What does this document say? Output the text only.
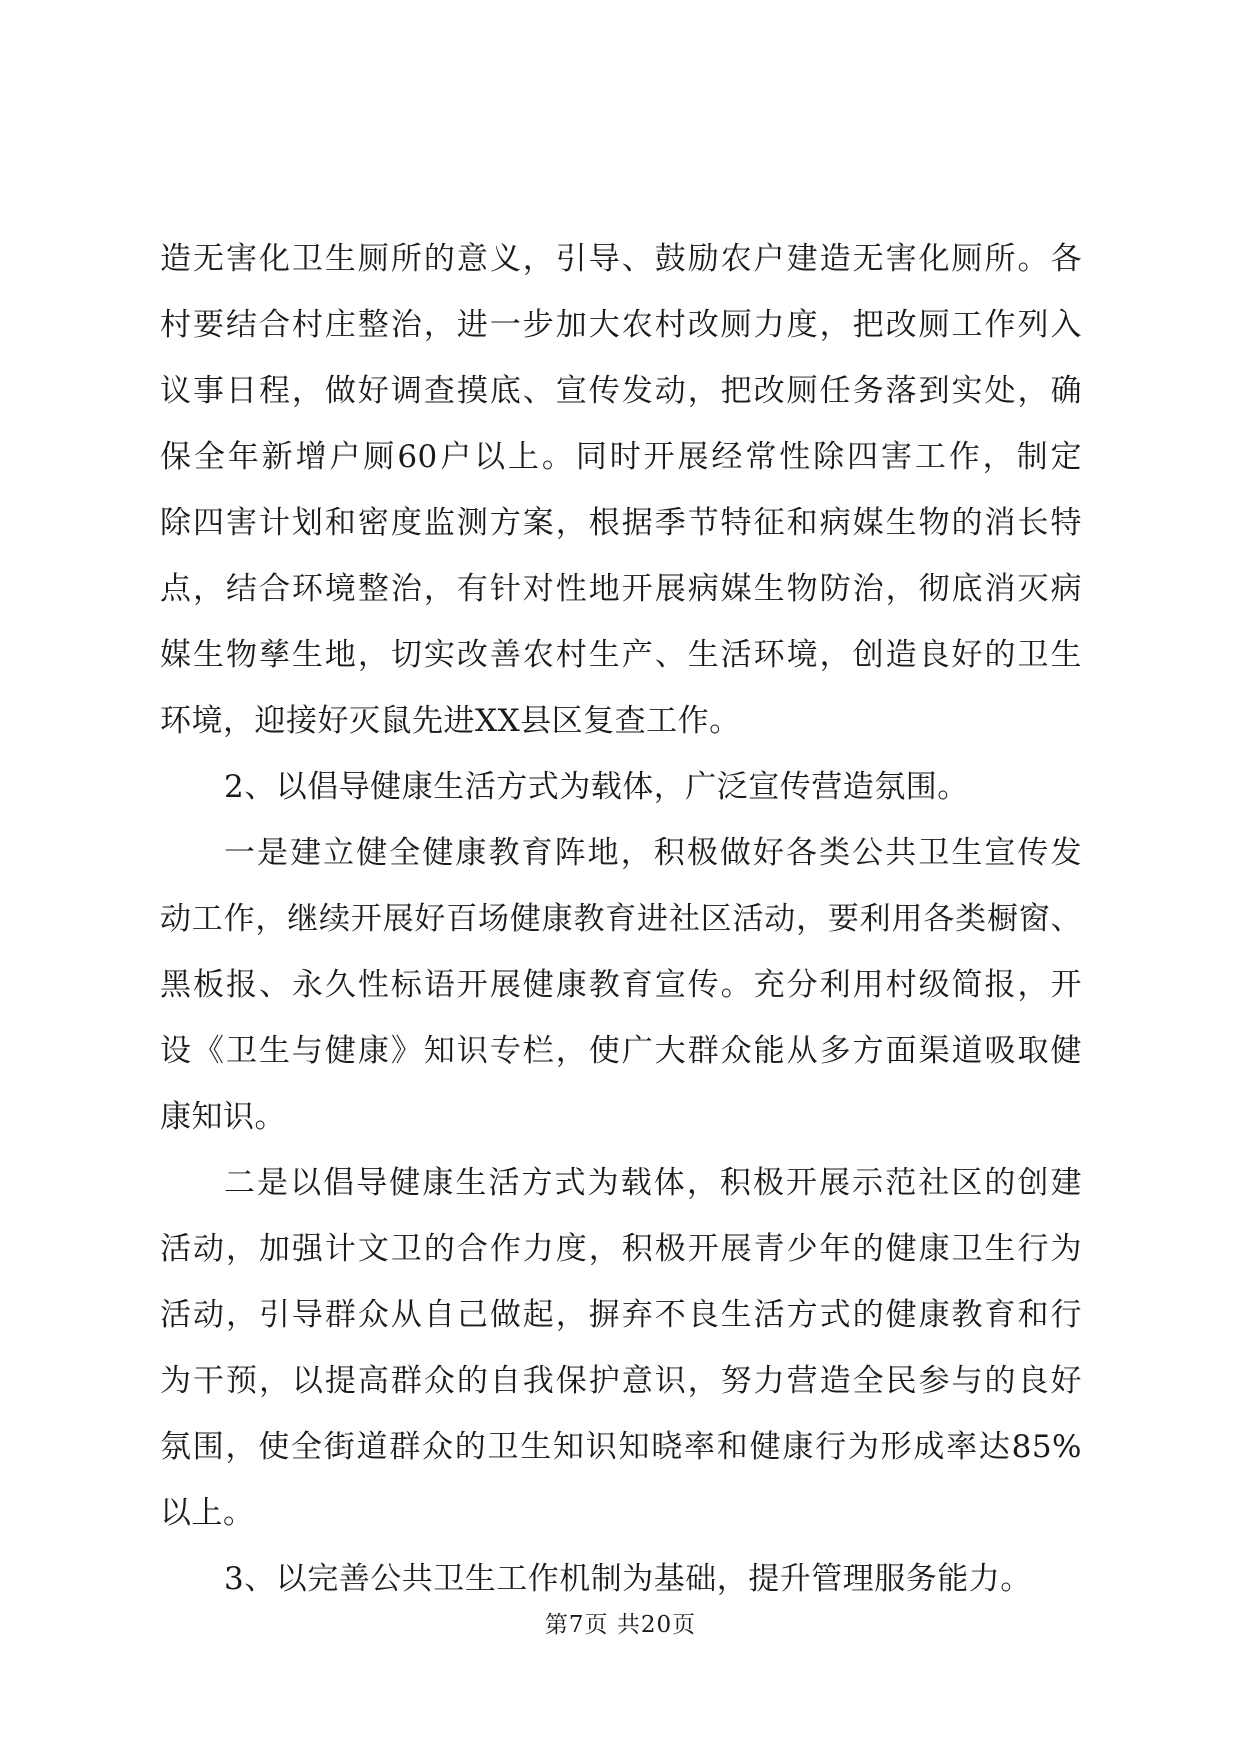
造无害化卫生厕所的意义，引导、鼓励农户建造无害化厕所。各
村要结合村庄整治，进一步加大农村改厕力度，把改厕工作列入
议事日程，做好调查摸底、宣传发动，把改厕任务落到实处，确
保全年新增户厕60户以上。同时开展经常性除四害工作，制定
除四害计划和密度监测方案，根据季节特征和病媒生物的消长特
点，结合环境整治，有针对性地开展病媒生物防治，彻底消灭病
媒生物孳生地，切实改善农村生产、生活环境，创造良好的卫生
环境，迎接好灭鼠先进XX县区复查工作。
2、以倡导健康生活方式为载体，广泛宣传营造氛围。
一是建立健全健康教育阵地，积极做好各类公共卫生宣传发
动工作，继续开展好百场健康教育进社区活动，要利用各类橱窗、
黑板报、永久性标语开展健康教育宣传。充分利用村级简报，开
设《卫生与健康》知识专栏，使广大群众能从多方面渠道吸取健
康知识。
二是以倡导健康生活方式为载体，积极开展示范社区的创建
活动，加强计文卫的合作力度，积极开展青少年的健康卫生行为
活动，引导群众从自己做起，摒弃不良生活方式的健康教育和行
为干预，以提高群众的自我保护意识，努力营造全民参与的良好
氛围，使全街道群众的卫生知识知晓率和健康行为形成率达85%
以上。
3、以完善公共卫生工作机制为基础，提升管理服务能力。
第7页 共20页
